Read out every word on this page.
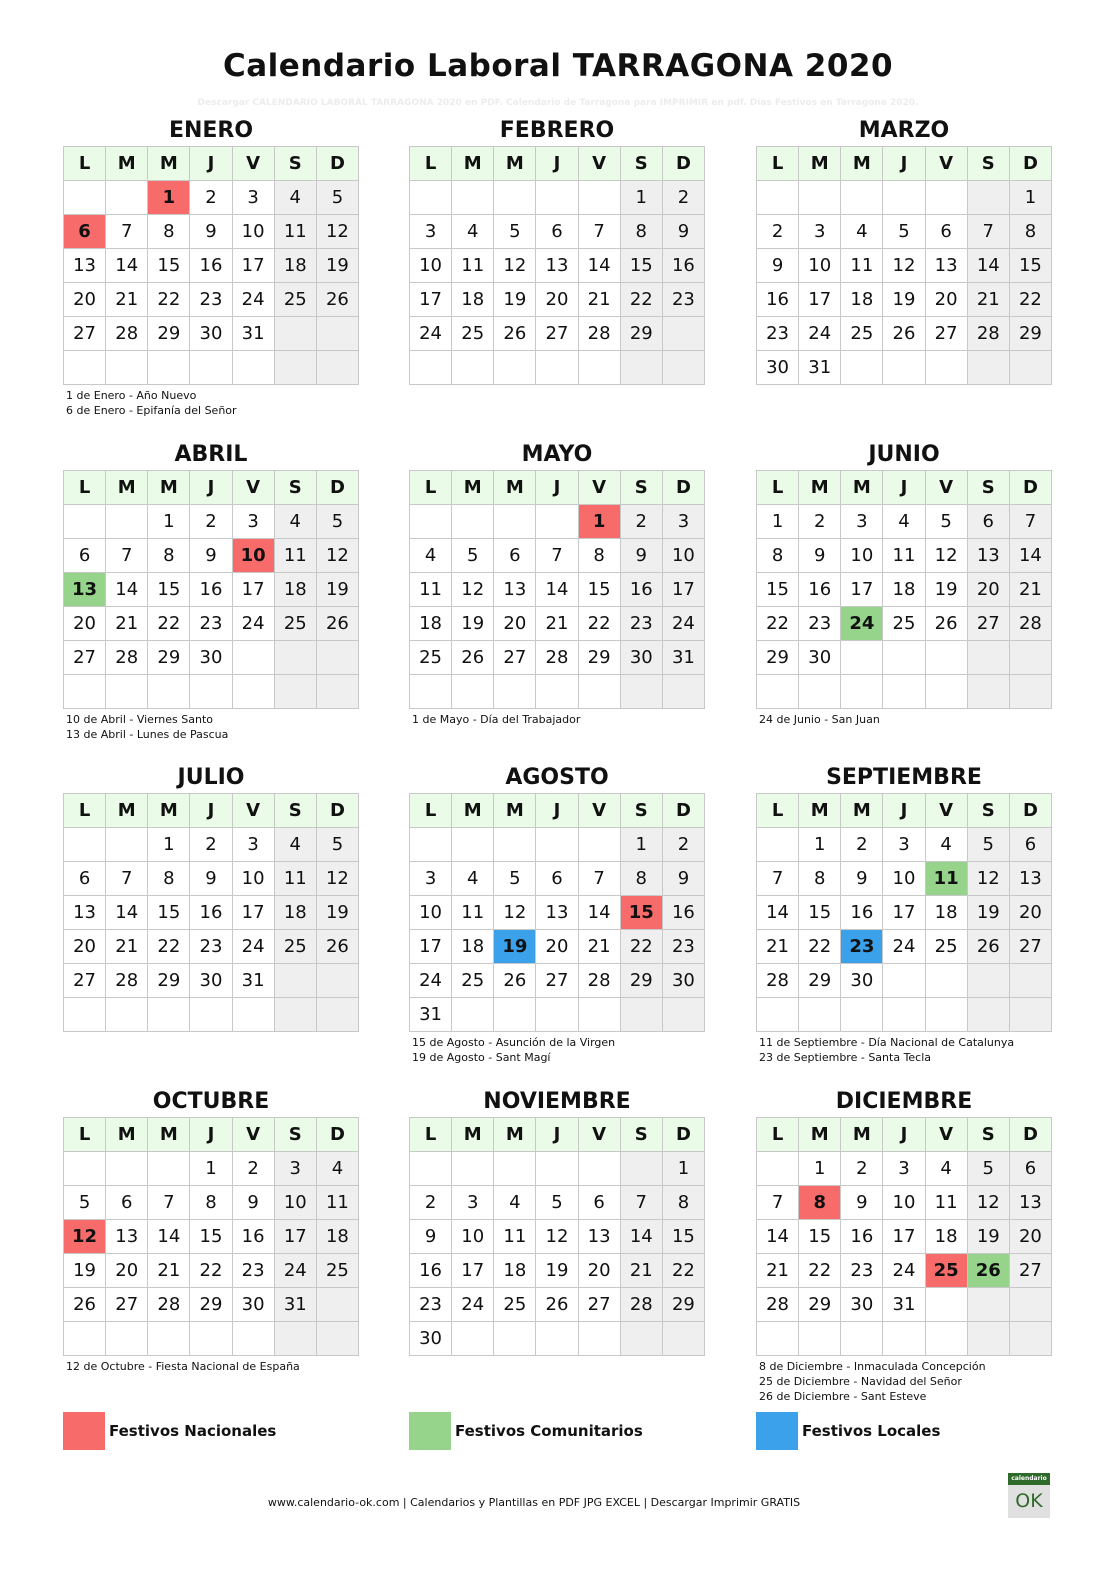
Calendario Laboral TARRAGONA 2020
Descargar CALENDARIO LABORAL TARRAGONA 2020 en PDF. Calendario de Tarragona para IMPRIMIR en pdf. Días Festivos en Tarragona 2020.
ENERO
L	M	M	J	V	S	D
		1	2	3	4	5
6	7	8	9	10	11	12
13	14	15	16	17	18	19
20	21	22	23	24	25	26
27	28	29	30	31		

1 de Enero - Año Nuevo
6 de Enero - Epifanía del Señor
FEBRERO
L	M	M	J	V	S	D
					1	2
3	4	5	6	7	8	9
10	11	12	13	14	15	16
17	18	19	20	21	22	23
24	25	26	27	28	29	

MARZO
L	M	M	J	V	S	D
						1
2	3	4	5	6	7	8
9	10	11	12	13	14	15
16	17	18	19	20	21	22
23	24	25	26	27	28	29
30	31					
ABRIL
L	M	M	J	V	S	D
		1	2	3	4	5
6	7	8	9	10	11	12
13	14	15	16	17	18	19
20	21	22	23	24	25	26
27	28	29	30			

10 de Abril - Viernes Santo
13 de Abril - Lunes de Pascua
MAYO
L	M	M	J	V	S	D
				1	2	3
4	5	6	7	8	9	10
11	12	13	14	15	16	17
18	19	20	21	22	23	24
25	26	27	28	29	30	31

1 de Mayo - Día del Trabajador
JUNIO
L	M	M	J	V	S	D
1	2	3	4	5	6	7
8	9	10	11	12	13	14
15	16	17	18	19	20	21
22	23	24	25	26	27	28
29	30					

24 de Junio - San Juan
JULIO
L	M	M	J	V	S	D
		1	2	3	4	5
6	7	8	9	10	11	12
13	14	15	16	17	18	19
20	21	22	23	24	25	26
27	28	29	30	31		

AGOSTO
L	M	M	J	V	S	D
					1	2
3	4	5	6	7	8	9
10	11	12	13	14	15	16
17	18	19	20	21	22	23
24	25	26	27	28	29	30
31						
15 de Agosto - Asunción de la Virgen
19 de Agosto - Sant Magí
SEPTIEMBRE
L	M	M	J	V	S	D
	1	2	3	4	5	6
7	8	9	10	11	12	13
14	15	16	17	18	19	20
21	22	23	24	25	26	27
28	29	30				

11 de Septiembre - Día Nacional de Catalunya
23 de Septiembre - Santa Tecla
OCTUBRE
L	M	M	J	V	S	D
			1	2	3	4
5	6	7	8	9	10	11
12	13	14	15	16	17	18
19	20	21	22	23	24	25
26	27	28	29	30	31	

12 de Octubre - Fiesta Nacional de España
NOVIEMBRE
L	M	M	J	V	S	D
						1
2	3	4	5	6	7	8
9	10	11	12	13	14	15
16	17	18	19	20	21	22
23	24	25	26	27	28	29
30						
DICIEMBRE
L	M	M	J	V	S	D
	1	2	3	4	5	6
7	8	9	10	11	12	13
14	15	16	17	18	19	20
21	22	23	24	25	26	27
28	29	30	31			

8 de Diciembre - Inmaculada Concepción
25 de Diciembre - Navidad del Señor
26 de Diciembre - Sant Esteve
Festivos Nacionales	Festivos Comunitarios	Festivos Locales
www.calendario-ok.com | Calendarios y Plantillas en PDF JPG EXCEL | Descargar Imprimir GRATIS
calendario
OK
